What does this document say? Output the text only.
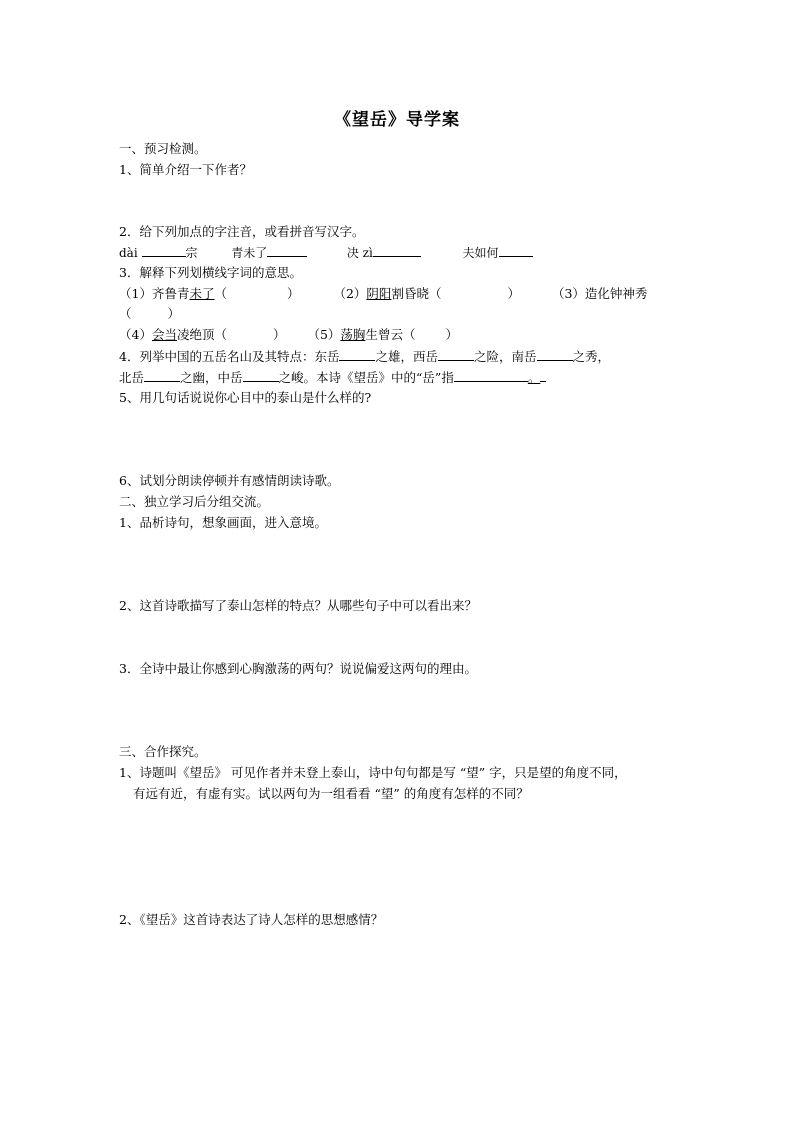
《望岳》导学案
一、预习检测。
1、简单介绍一下作者？
2．给下列加点的字注音，或看拼音写汉字。
dài	宗	青未了	决 zì	夫如何
3．解释下列划横线字词的意思。
（1）齐鲁青未了（	）	（2）阴阳割昏晓（	）	（3）造化钟神秀
（	）
（4）会当凌绝顶（	） （5）荡胸生曾云（ ）
4．列举中国的五岳名山及其特点：东岳	之雄，西岳	之险，南岳	之秀，
北岳	之幽，中岳	之峻。本诗《望岳》中的“岳”指	。
5、用几句话说说你心目中的泰山是什么样的?
6、试划分朗读停顿并有感情朗读诗歌。
二、独立学习后分组交流。
1、品析诗句，想象画面，进入意境。
2、这首诗歌描写了泰山怎样的特点？从哪些句子中可以看出来？
3．全诗中最让你感到心胸激荡的两句？说说偏爱这两句的理由。
三、合作探究。
1、诗题叫《望岳》 可见作者并未登上泰山，诗中句句都是写 “望” 字，只是望的角度不同，
有远有近，有虚有实。试以两句为一组看看 “望” 的角度有怎样的不同？
2、《望岳》这首诗表达了诗人怎样的思想感情？
